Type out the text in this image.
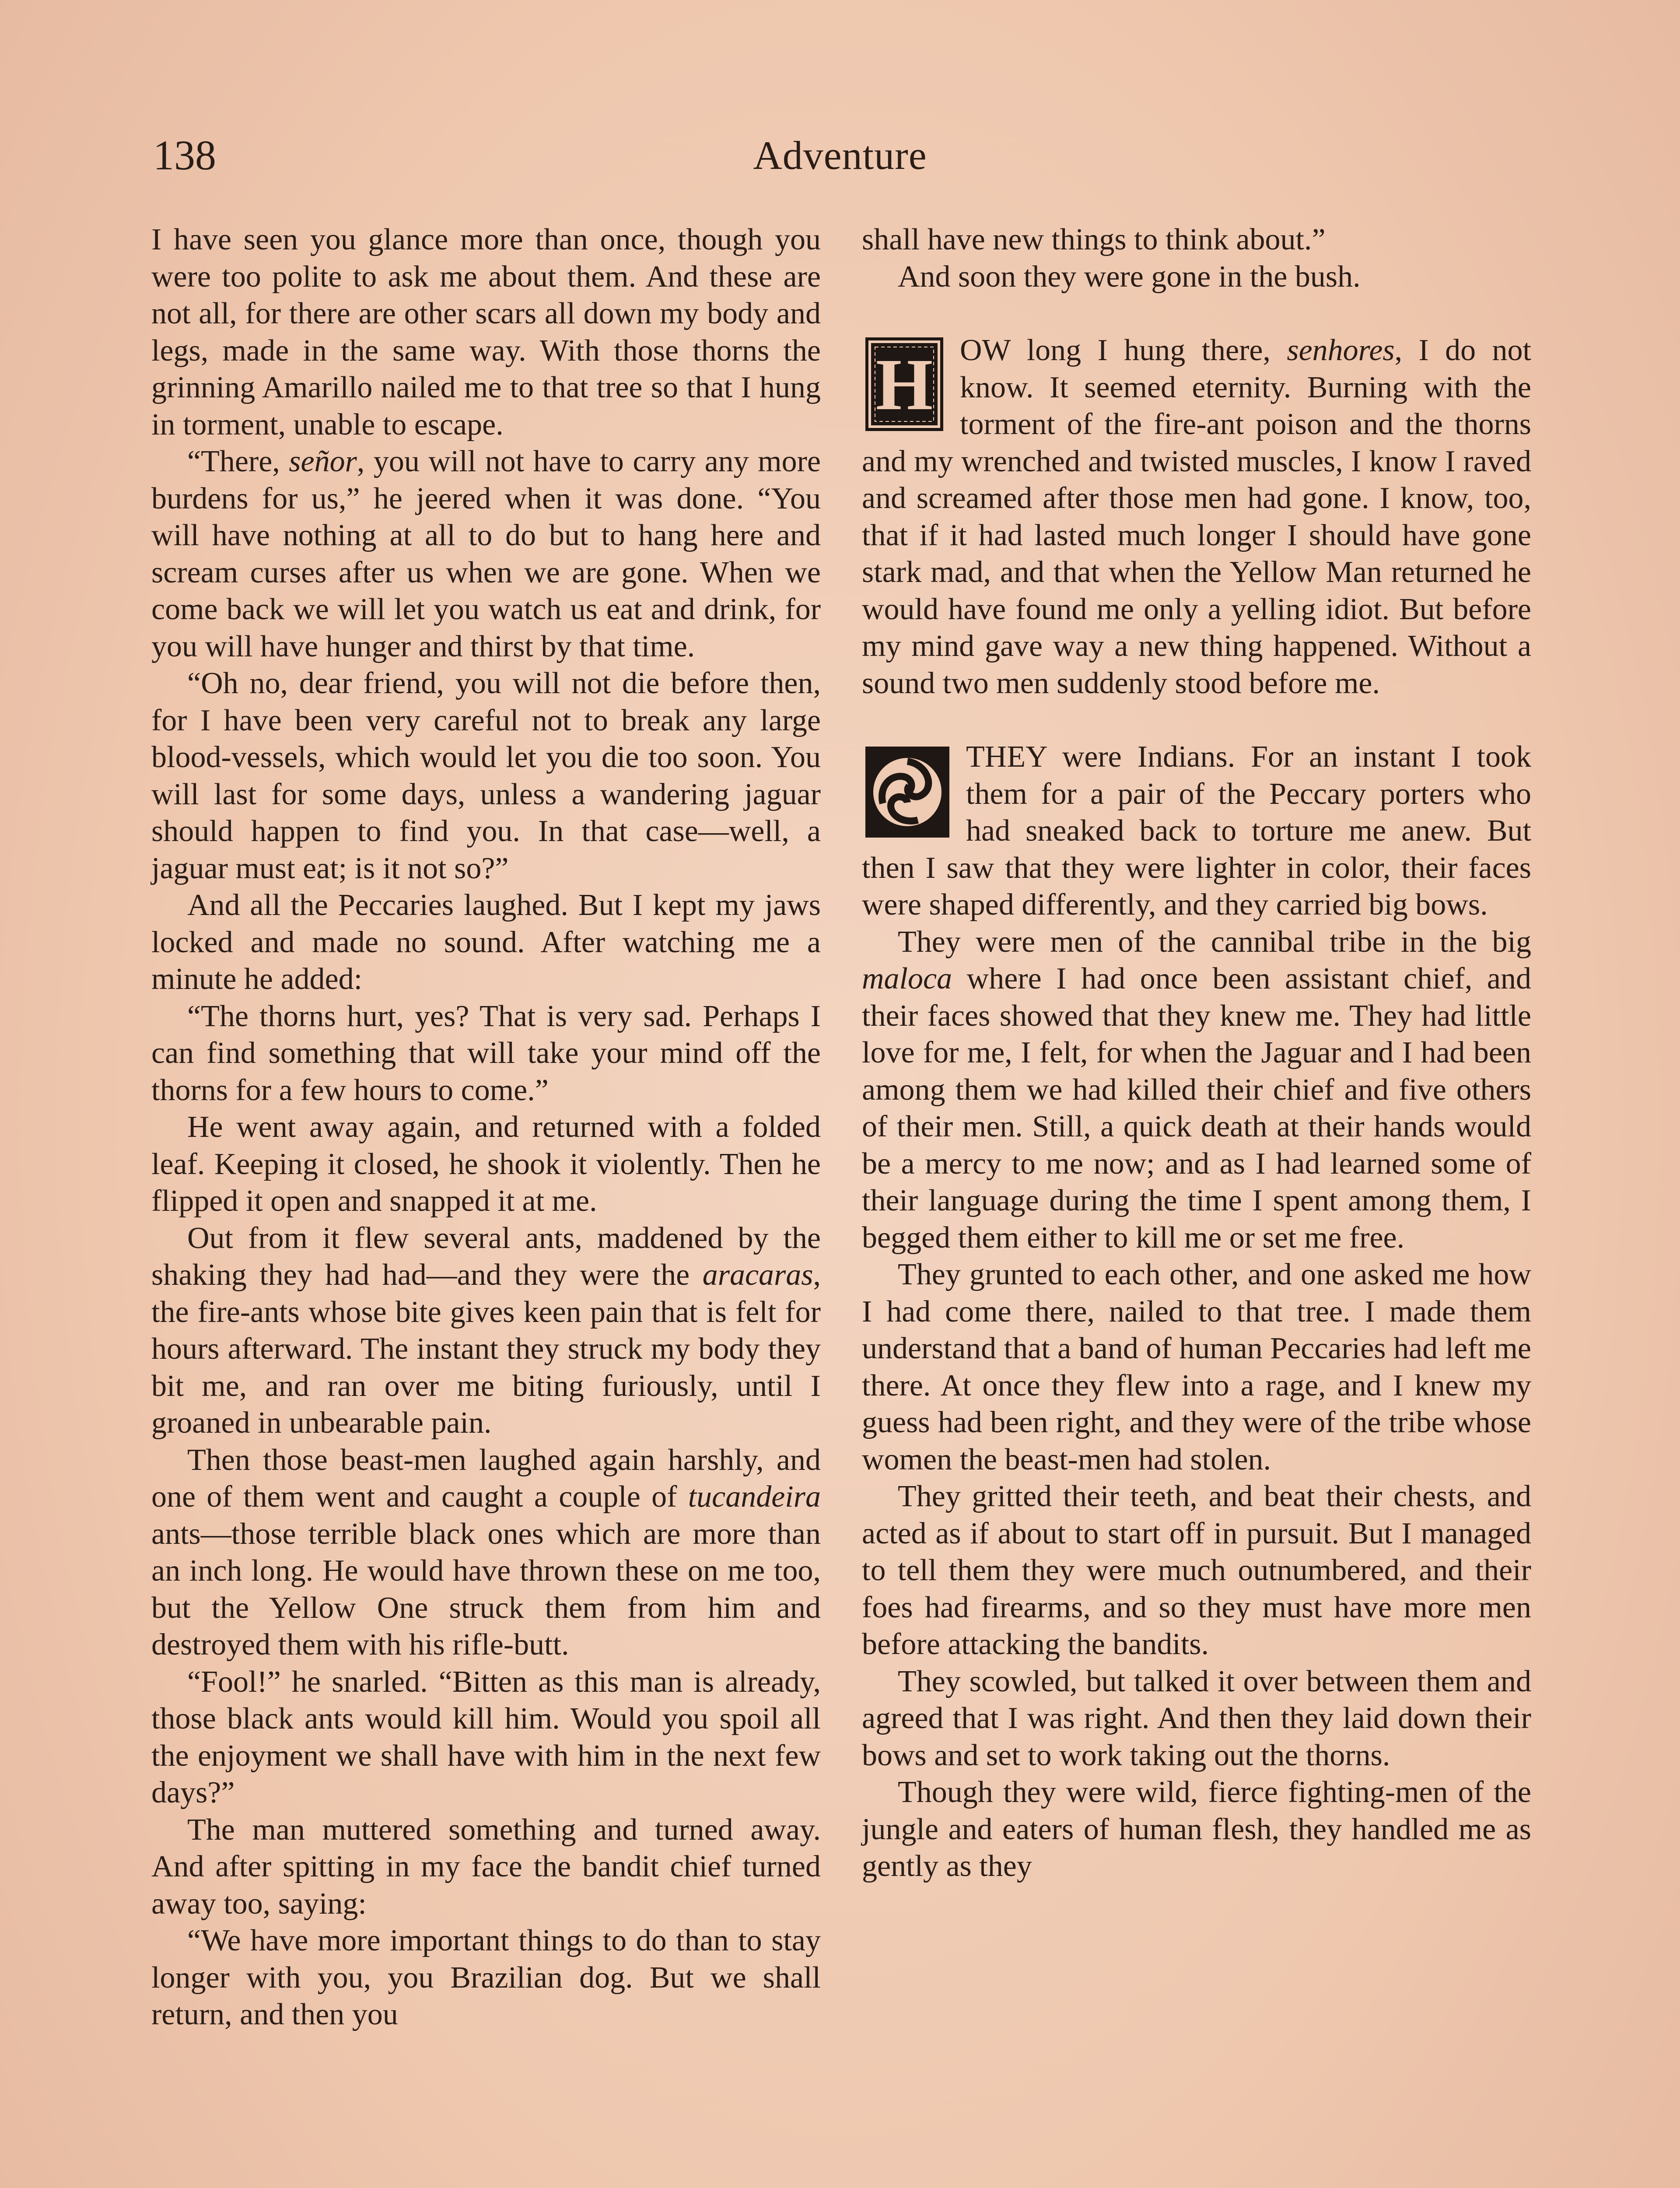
138	Adventure

I have seen you glance more than once, though you were too polite to ask me about them. And these are not all, for there are other scars all down my body and legs, made in the same way. With those thorns the grinning Amarillo nailed me to that tree so that I hung in torment, unable to escape.

“There, señor, you will not have to carry any more burdens for us,” he jeered when it was done. “You will have nothing at all to do but to hang here and scream curses after us when we are gone. When we come back we will let you watch us eat and drink, for you will have hunger and thirst by that time.

“Oh no, dear friend, you will not die before then, for I have been very careful not to break any large blood-vessels, which would let you die too soon. You will last for some days, unless a wandering jaguar should happen to find you. In that case—well, a jaguar must eat; is it not so?”

And all the Peccaries laughed. But I kept my jaws locked and made no sound. After watching me a minute he added:

“The thorns hurt, yes? That is very sad. Perhaps I can find something that will take your mind off the thorns for a few hours to come.”

He went away again, and returned with a folded leaf. Keeping it closed, he shook it violently. Then he flipped it open and snapped it at me.

Out from it flew several ants, maddened by the shaking they had had—and they were the aracaras, the fire-ants whose bite gives keen pain that is felt for hours afterward. The instant they struck my body they bit me, and ran over me biting furiously, until I groaned in unbearable pain.

Then those beast-men laughed again harshly, and one of them went and caught a couple of tucandeira ants—those terrible black ones which are more than an inch long. He would have thrown these on me too, but the Yellow One struck them from him and destroyed them with his rifle-butt.

“Fool!” he snarled. “Bitten as this man is already, those black ants would kill him. Would you spoil all the enjoyment we shall have with him in the next few days?”

The man muttered something and turned away. And after spitting in my face the bandit chief turned away too, saying:

“We have more important things to do than to stay longer with you, you Brazilian dog. But we shall return, and then you

shall have new things to think about.”

And soon they were gone in the bush.

H OW long I hung there, senhores, I do not know. It seemed eternity. Burning with the torment of the fire-ant poison and the thorns and my wrenched and twisted muscles, I know I raved and screamed after those men had gone. I know, too, that if it had lasted much longer I should have gone stark mad, and that when the Yellow Man returned he would have found me only a yelling idiot. But before my mind gave way a new thing happened. Without a sound two men suddenly stood before me.

THEY were Indians. For an instant I took them for a pair of the Peccary porters who had sneaked back to torture me anew. But then I saw that they were lighter in color, their faces were shaped differently, and they carried big bows.

They were men of the cannibal tribe in the big maloca where I had once been assistant chief, and their faces showed that they knew me. They had little love for me, I felt, for when the Jaguar and I had been among them we had killed their chief and five others of their men. Still, a quick death at their hands would be a mercy to me now; and as I had learned some of their language during the time I spent among them, I begged them either to kill me or set me free.

They grunted to each other, and one asked me how I had come there, nailed to that tree. I made them understand that a band of human Peccaries had left me there. At once they flew into a rage, and I knew my guess had been right, and they were of the tribe whose women the beast-men had stolen.

They gritted their teeth, and beat their chests, and acted as if about to start off in pursuit. But I managed to tell them they were much outnumbered, and their foes had firearms, and so they must have more men before attacking the bandits.

They scowled, but talked it over between them and agreed that I was right. And then they laid down their bows and set to work taking out the thorns.

Though they were wild, fierce fighting-men of the jungle and eaters of human flesh, they handled me as gently as they
